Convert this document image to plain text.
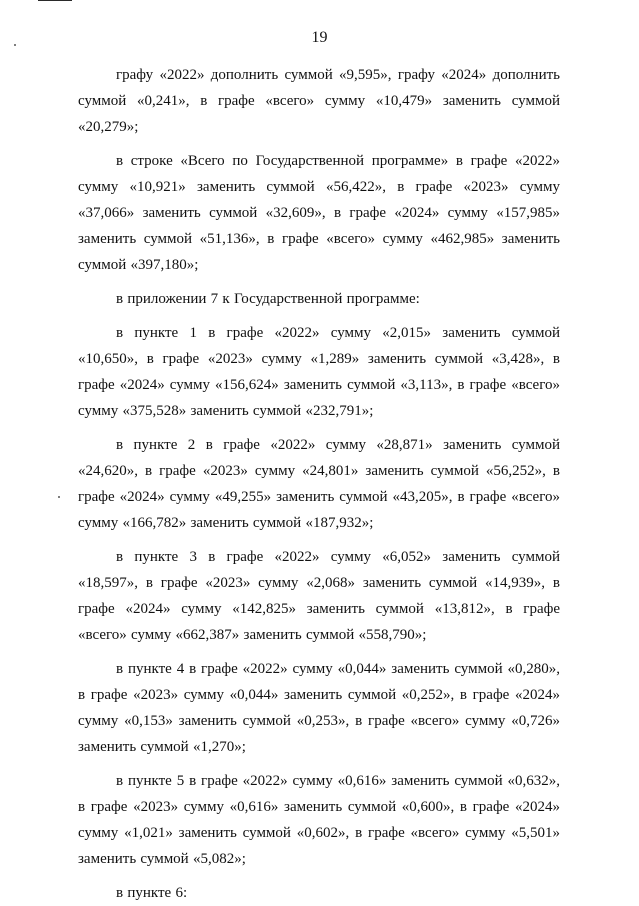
19

графу «2022» дополнить суммой «9,595», графу «2024» дополнить суммой «0,241», в графе «всего» сумму «10,479» заменить суммой «20,279»;

в строке «Всего по Государственной программе» в графе «2022» сумму «10,921» заменить суммой «56,422», в графе «2023» сумму «37,066» заменить суммой «32,609», в графе «2024» сумму «157,985» заменить суммой «51,136», в графе «всего» сумму «462,985» заменить суммой «397,180»;

в приложении 7 к Государственной программе:

в пункте 1 в графе «2022» сумму «2,015» заменить суммой «10,650», в графе «2023» сумму «1,289» заменить суммой «3,428», в графе «2024» сумму «156,624» заменить суммой «3,113», в графе «всего» сумму «375,528» заменить суммой «232,791»;

в пункте 2 в графе «2022» сумму «28,871» заменить суммой «24,620», в графе «2023» сумму «24,801» заменить суммой «56,252», в графе «2024» сумму «49,255» заменить суммой «43,205», в графе «всего» сумму «166,782» заменить суммой «187,932»;

в пункте 3 в графе «2022» сумму «6,052» заменить суммой «18,597», в графе «2023» сумму «2,068» заменить суммой «14,939», в графе «2024» сумму «142,825» заменить суммой «13,812», в графе «всего» сумму «662,387» заменить суммой «558,790»;

в пункте 4 в графе «2022» сумму «0,044» заменить суммой «0,280», в графе «2023» сумму «0,044» заменить суммой «0,252», в графе «2024» сумму «0,153» заменить суммой «0,253», в графе «всего» сумму «0,726» заменить суммой «1,270»;

в пункте 5 в графе «2022» сумму «0,616» заменить суммой «0,632», в графе «2023» сумму «0,616» заменить суммой «0,600», в графе «2024» сумму «1,021» заменить суммой «0,602», в графе «всего» сумму «5,501» заменить суммой «5,082»;

в пункте 6:
